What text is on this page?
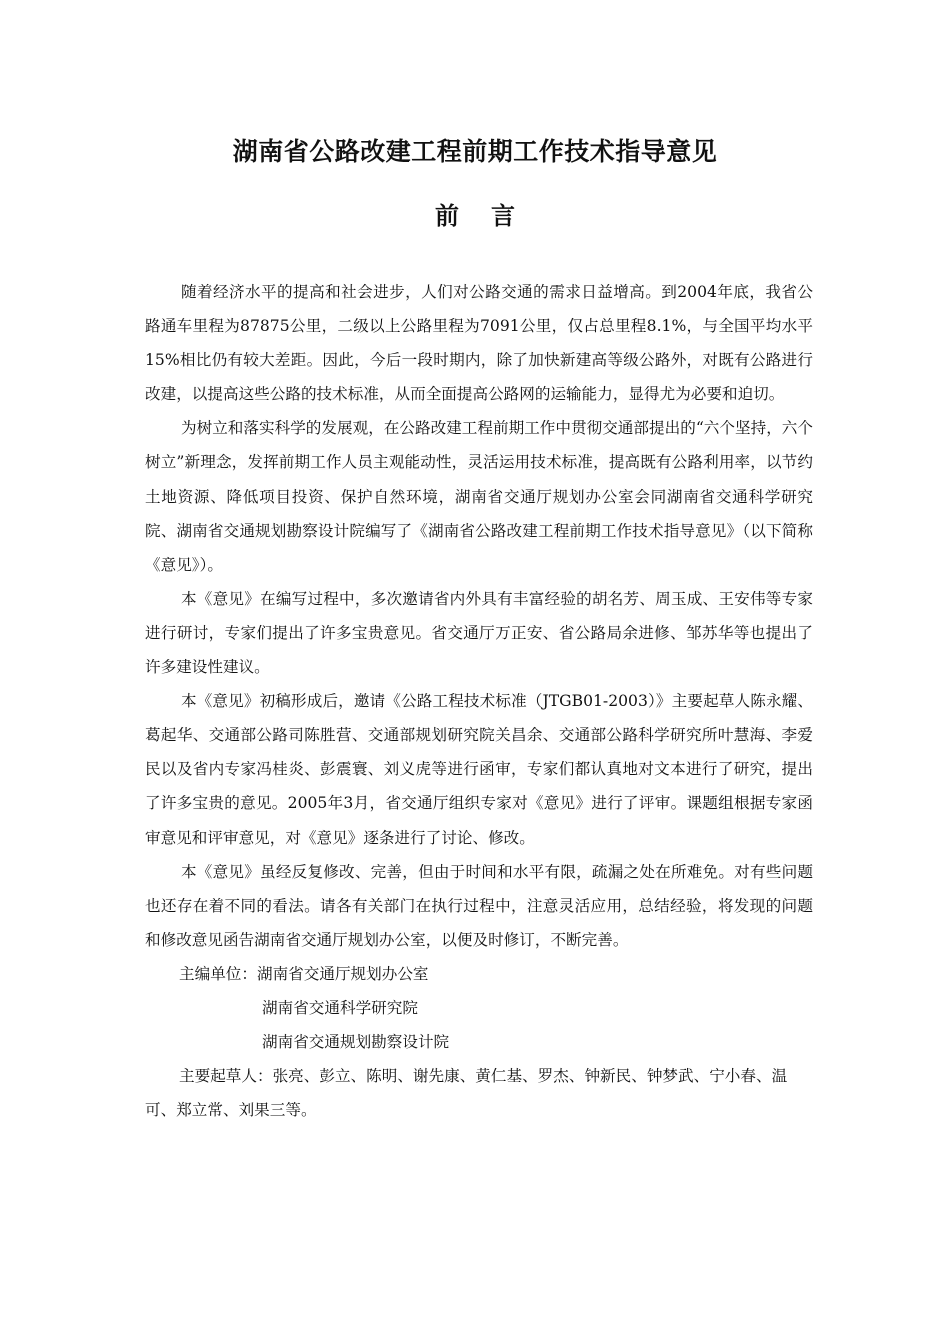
湖南省公路改建工程前期工作技术指导意见
前言

随着经济水平的提高和社会进步，人们对公路交通的需求日益增高。到2004年底，我省公路通车里程为87875公里，二级以上公路里程为7091公里，仅占总里程8.1%，与全国平均水平15%相比仍有较大差距。因此，今后一段时期内，除了加快新建高等级公路外，对既有公路进行改建，以提高这些公路的技术标准，从而全面提高公路网的运输能力，显得尤为必要和迫切。

为树立和落实科学的发展观，在公路改建工程前期工作中贯彻交通部提出的“六个坚持，六个树立”新理念，发挥前期工作人员主观能动性，灵活运用技术标准，提高既有公路利用率，以节约土地资源、降低项目投资、保护自然环境，湖南省交通厅规划办公室会同湖南省交通科学研究院、湖南省交通规划勘察设计院编写了《湖南省公路改建工程前期工作技术指导意见》（以下简称《意见》）。

本《意见》在编写过程中，多次邀请省内外具有丰富经验的胡名芳、周玉成、王安伟等专家进行研讨，专家们提出了许多宝贵意见。省交通厅万正安、省公路局余进修、邹苏华等也提出了许多建设性建议。

本《意见》初稿形成后，邀请《公路工程技术标准（JTGB01-2003）》主要起草人陈永耀、 葛起华、交通部公路司陈胜营、交通部规划研究院关昌余、交通部公路科学研究所叶慧海、李爱民以及省内专家冯桂炎、彭震寰、刘义虎等进行函审，专家们都认真地对文本进行了研究，提出了许多宝贵的意见。2005年3月，省交通厅组织专家对《意见》进行了评审。课题组根据专家函审意见和评审意见，对《意见》逐条进行了讨论、修改。

本《意见》虽经反复修改、完善，但由于时间和水平有限，疏漏之处在所难免。对有些问题也还存在着不同的看法。请各有关部门在执行过程中，注意灵活应用，总结经验，将发现的问题和修改意见函告湖南省交通厅规划办公室，以便及时修订，不断完善。

主编单位：湖南省交通厅规划办公室

湖南省交通科学研究院

湖南省交通规划勘察设计院

主要起草人：张亮、彭立、陈明、谢先康、黄仁基、罗杰、钟新民、钟梦武、宁小春、温可、郑立常、刘果三等。
